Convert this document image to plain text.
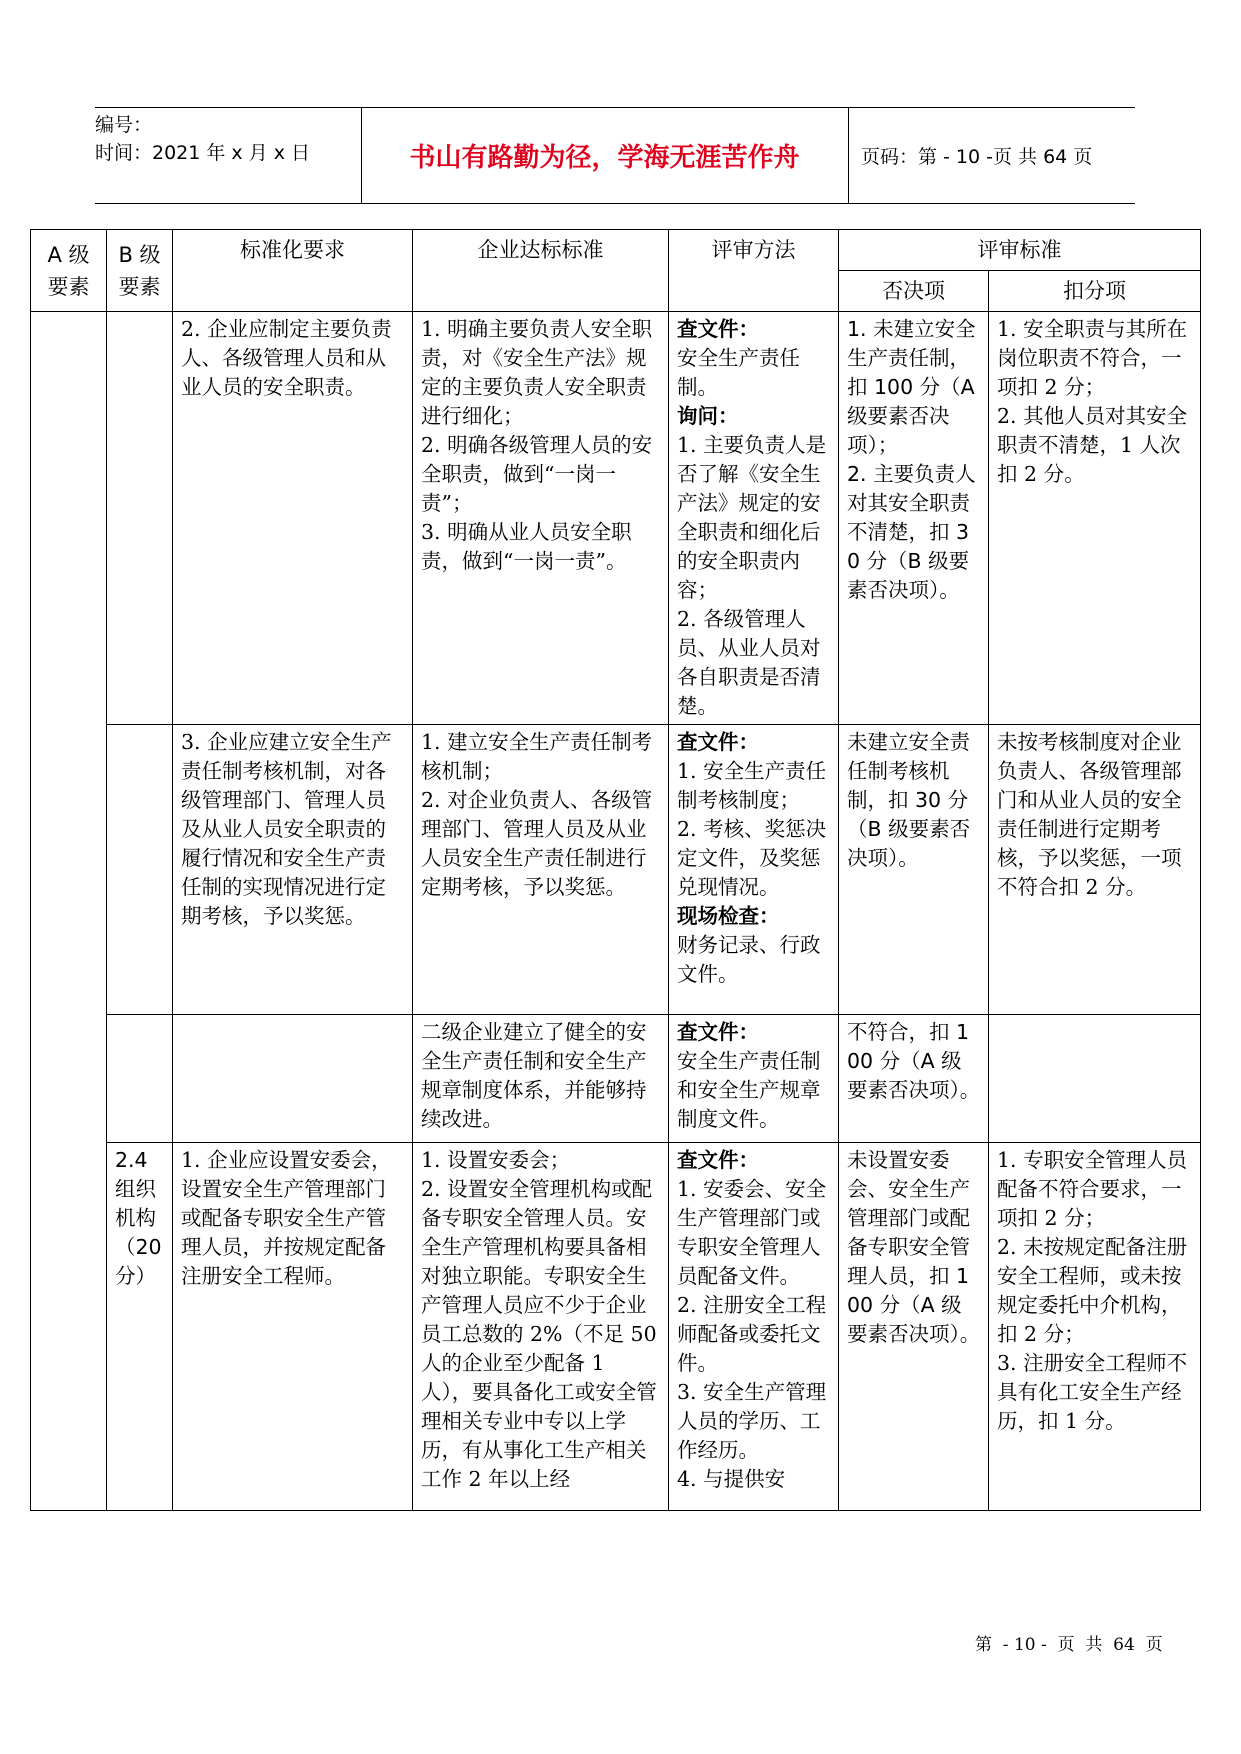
编号：
时间：2021 年 x 月 x 日	书山有路勤为径，学海无涯苦作舟	页码：第 - 10 -页 共 64 页
A 级
要素	B 级
要素	标准化要求	企业达标标准	评审方法	评审标准	
					否决项	扣分项

		2. 企业应制定主要负责人、各级管理人员和从业人员的安全职责。	1. 明确主要负责人安全职责，对《安全生产法》规定的主要负责人安全职责进行细化；
2. 明确各级管理人员的安全职责，做到“一岗一责”；
3. 明确从业人员安全职责，做到“一岗一责”。	查文件：
安全生产责任制。
询问：
1. 主要负责人是否了解《安全生产法》规定的安全职责和细化后的安全职责内容；
2. 各级管理人员、从业人员对各自职责是否清楚。	1. 未建立安全生产责任制，扣 100 分（A 级要素否决项）；
2. 主要负责人对其安全职责不清楚，扣 30 分（B 级要素否决项）。	1. 安全职责与其所在岗位职责不符合，一项扣 2 分；
2. 其他人员对其安全职责不清楚，1 人次扣 2 分。

		3. 企业应建立安全生产责任制考核机制，对各级管理部门、管理人员及从业人员安全职责的履行情况和安全生产责任制的实现情况进行定期考核，予以奖惩。	1. 建立安全生产责任制考核机制；
2. 对企业负责人、各级管理部门、管理人员及从业人员安全生产责任制进行定期考核，予以奖惩。	查文件：
1. 安全生产责任制考核制度；
2. 考核、奖惩决定文件，及奖惩兑现情况。
现场检查：
财务记录、行政文件。	未建立安全责任制考核机制，扣 30 分（B 级要素否决项）。	未按考核制度对企业负责人、各级管理部门和从业人员的安全责任制进行定期考核，予以奖惩，一项不符合扣 2 分。

			二级企业建立了健全的安全生产责任制和安全生产规章制度体系，并能够持续改进。	查文件：
安全生产责任制和安全生产规章制度文件。	不符合，扣 100 分（A 级要素否决项）。	

	2.4
组织
机构
（20
分）	1. 企业应设置安委会，设置安全生产管理部门或配备专职安全生产管理人员，并按规定配备注册安全工程师。	1. 设置安委会；
2. 设置安全管理机构或配备专职安全管理人员。安全生产管理机构要具备相对独立职能。专职安全生产管理人员应不少于企业员工总数的 2%（不足 50 人的企业至少配备 1 人），要具备化工或安全管理相关专业中专以上学历，有从事化工生产相关工作 2 年以上经	查文件：
1. 安委会、安全生产管理部门或专职安全管理人员配备文件。
2. 注册安全工程师配备或委托文件。
3. 安全生产管理人员的学历、工作经历。
4. 与提供安	未设置安委会、安全生产管理部门或配备专职安全管理人员，扣 100 分（A 级要素否决项）。	1. 专职安全管理人员配备不符合要求，一项扣 2 分；
2. 未按规定配备注册安全工程师，或未按规定委托中介机构，扣 2 分；
3. 注册安全工程师不具有化工安全生产经历，扣 1 分。
第  - 10 -  页  共  64  页
